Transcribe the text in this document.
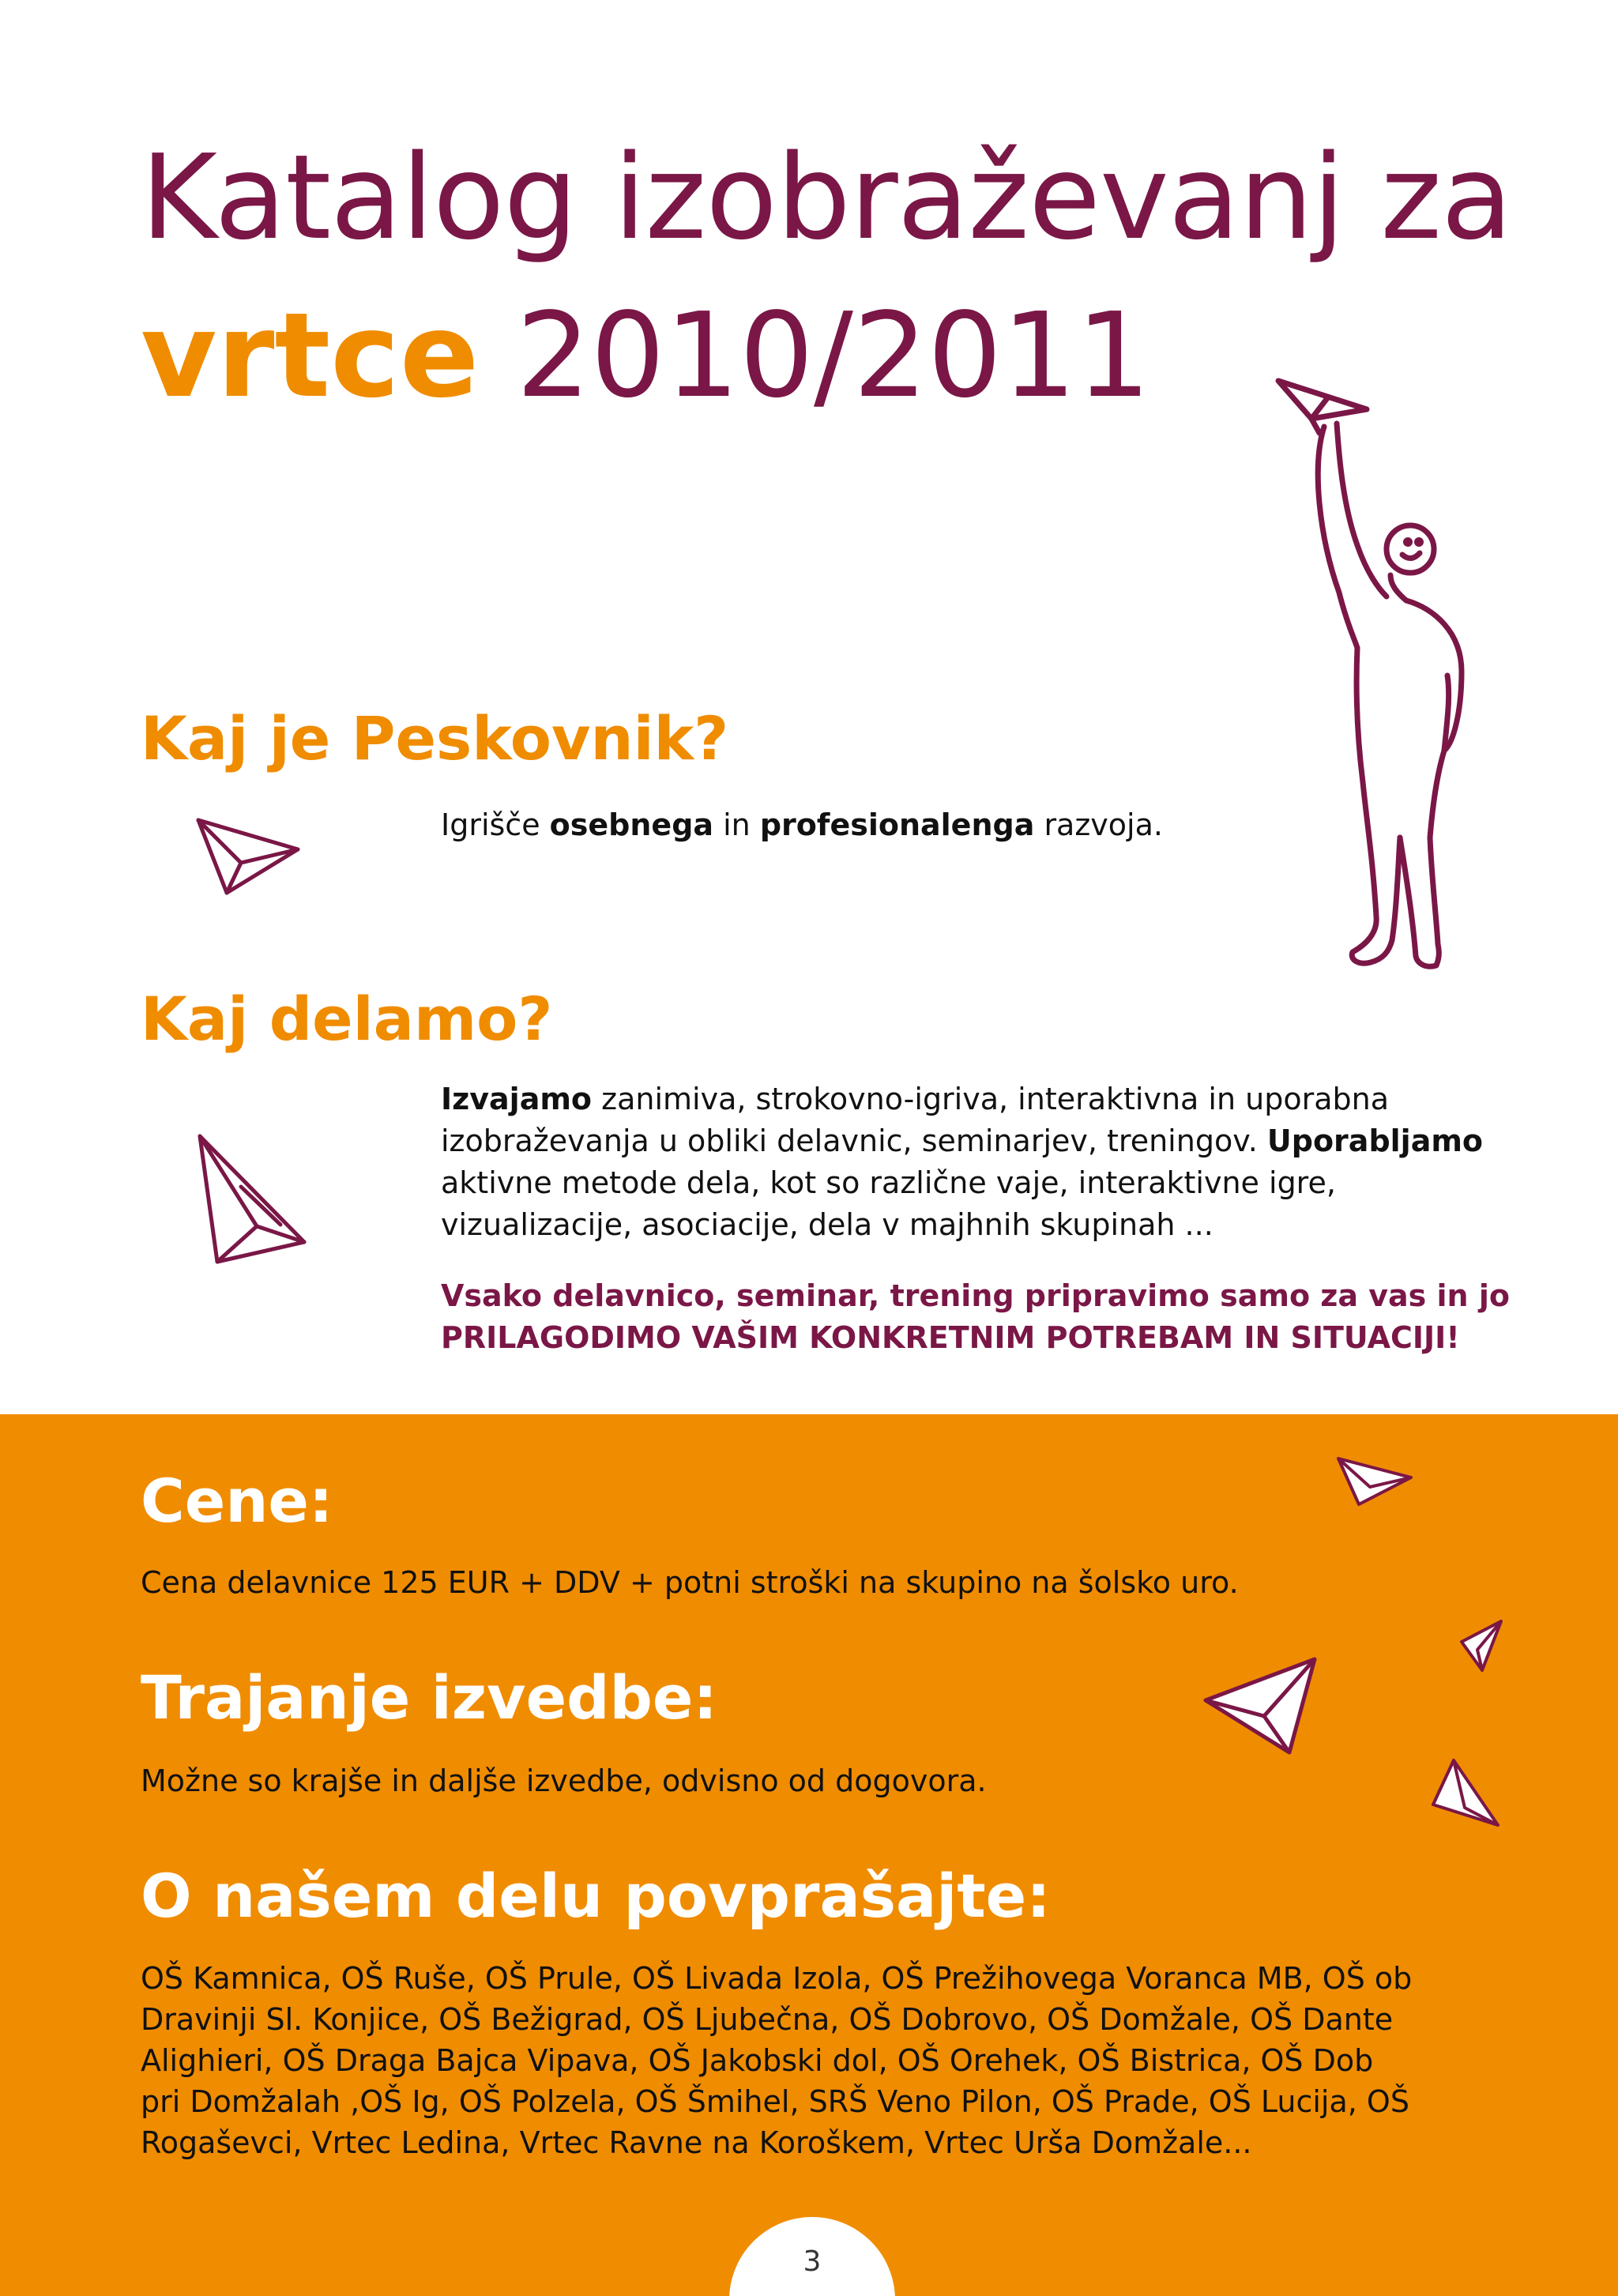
Katalog izobraževanj za
vrtce 2010/2011
Kaj je Peskovnik?
Igrišče osebnega in profesionalenga razvoja.
Kaj delamo?
Izvajamo zanimiva, strokovno-igriva, interaktivna in uporabna
izobraževanja u obliki delavnic, seminarjev, treningov. Uporabljamo
aktivne metode dela, kot so različne vaje, interaktivne igre,
vizualizacije, asociacije, dela v majhnih skupinah ...
Vsako delavnico, seminar, trening pripravimo samo za vas in jo
PRILAGODIMO VAŠIM KONKRETNIM POTREBAM IN SITUACIJI!
Cene:
Cena delavnice 125 EUR + DDV + potni stroški na skupino na šolsko uro.
Trajanje izvedbe:
Možne so krajše in daljše izvedbe, odvisno od dogovora.
O našem delu povprašajte:
OŠ Kamnica, OŠ Ruše, OŠ Prule, OŠ Livada Izola, OŠ Prežihovega Voranca MB, OŠ ob
Dravinji Sl. Konjice, OŠ Bežigrad, OŠ Ljubečna, OŠ Dobrovo, OŠ Domžale, OŠ Dante
Alighieri, OŠ Draga Bajca Vipava, OŠ Jakobski dol, OŠ Orehek, OŠ Bistrica, OŠ Dob
pri Domžalah ,OŠ Ig, OŠ Polzela, OŠ Šmihel, SRŠ Veno Pilon, OŠ Prade, OŠ Lucija, OŠ
Rogaševci, Vrtec Ledina, Vrtec Ravne na Koroškem, Vrtec Urša Domžale...
3
